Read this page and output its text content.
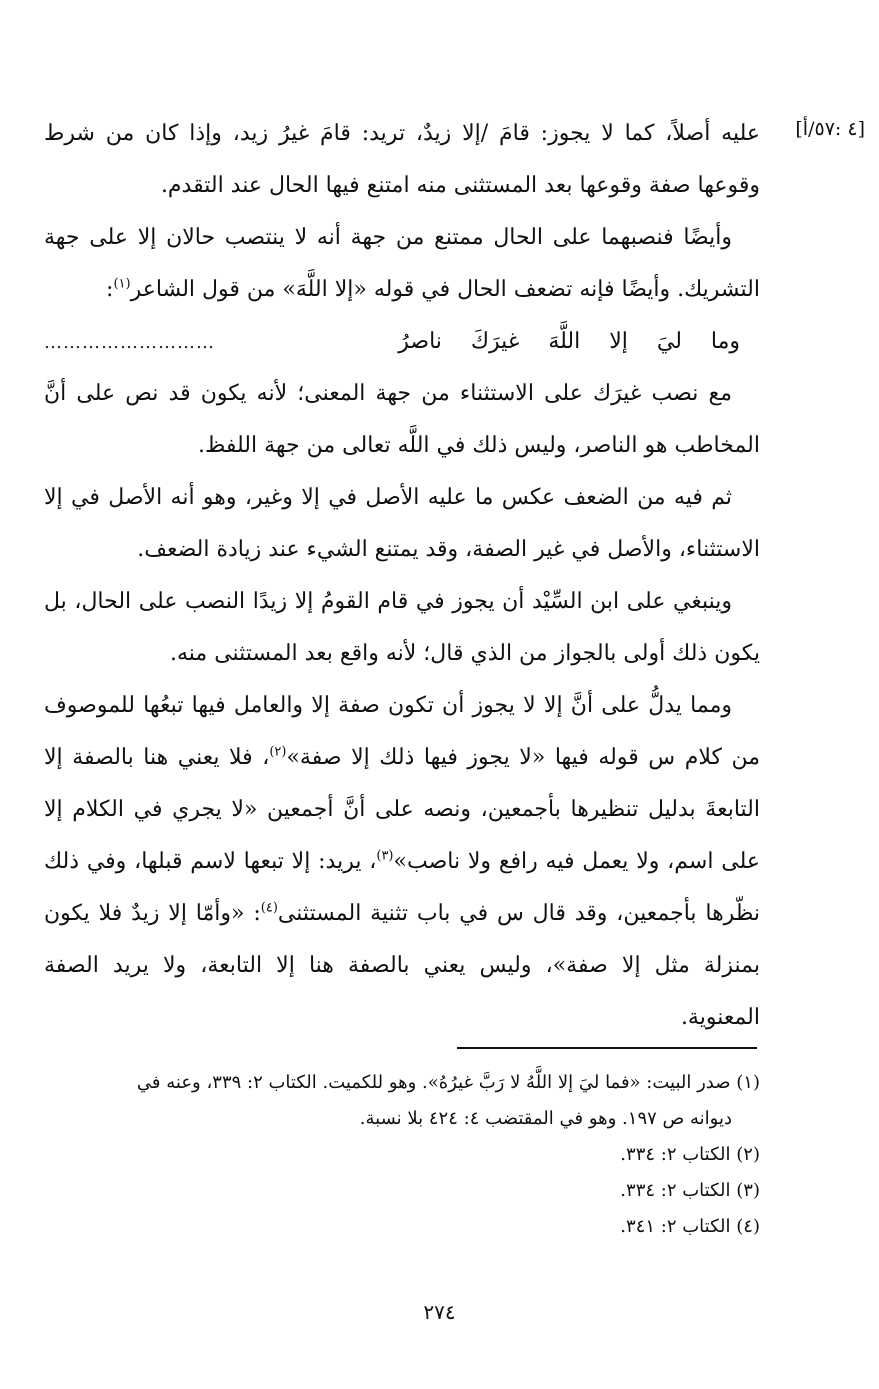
[٤ :٥٧/أ]

عليه أصلاً، كما لا يجوز: قامَ /إلا زيدٌ، تريد: قامَ غيرُ زيد، وإذا كان من شرط وقوعها صفة وقوعها بعد المستثنى منه امتنع فيها الحال عند التقدم.

وأيضًا فنصبهما على الحال ممتنع من جهة أنه لا ينتصب حالان إلا على جهة التشريك. وأيضًا فإنه تضعف الحال في قوله «إلا اللَّهَ» من قول الشاعر$^{(١)}$:

وما ليَ إلا اللَّهَ غيرَكَ ناصرُ
………………………

مع نصب غيرَك على الاستثناء من جهة المعنى؛ لأنه يكون قد نص على أنَّ المخاطب هو الناصر، وليس ذلك في اللَّه تعالى من جهة اللفظ.

ثم فيه من الضعف عكس ما عليه الأصل في إلا وغير، وهو أنه الأصل في إلا الاستثناء، والأصل في غير الصفة، وقد يمتنع الشيء عند زيادة الضعف.

وينبغي على ابن السِّيْد أن يجوز في قام القومُ إلا زيدًا النصب على الحال، بل يكون ذلك أولى بالجواز من الذي قال؛ لأنه واقع بعد المستثنى منه.

ومما يدلُّ على أنَّ إلا لا يجوز أن تكون صفة إلا والعامل فيها تبعُها للموصوف من كلام س قوله فيها «لا يجوز فيها ذلك إلا صفة»$^{(٢)}$، فلا يعني هنا بالصفة إلا التابعةَ بدليل تنظيرها بأجمعين، ونصه على أنَّ أجمعين «لا يجري في الكلام إلا على اسم، ولا يعمل فيه رافع ولا ناصب»$^{(٣)}$، يريد: إلا تبعها لاسم قبلها، وفي ذلك نظّرها بأجمعين، وقد قال س في باب تثنية المستثنى$^{(٤)}$: «وأمّا إلا زيدٌ فلا يكون بمنزلة مثل إلا صفة»، وليس يعني بالصفة هنا إلا التابعة، ولا يريد الصفة المعنوية.

(١) صدر البيت: «فما ليَ إلا اللَّهُ لا رَبَّ غيرُهُ». وهو للكميت. الكتاب ٢: ٣٣٩، وعنه في

ديوانه ص ١٩٧. وهو في المقتضب ٤: ٤٢٤ بلا نسبة.

(٢) الكتاب ٢: ٣٣٤.

(٣) الكتاب ٢: ٣٣٤.

(٤) الكتاب ٢: ٣٤١.

٢٧٤
